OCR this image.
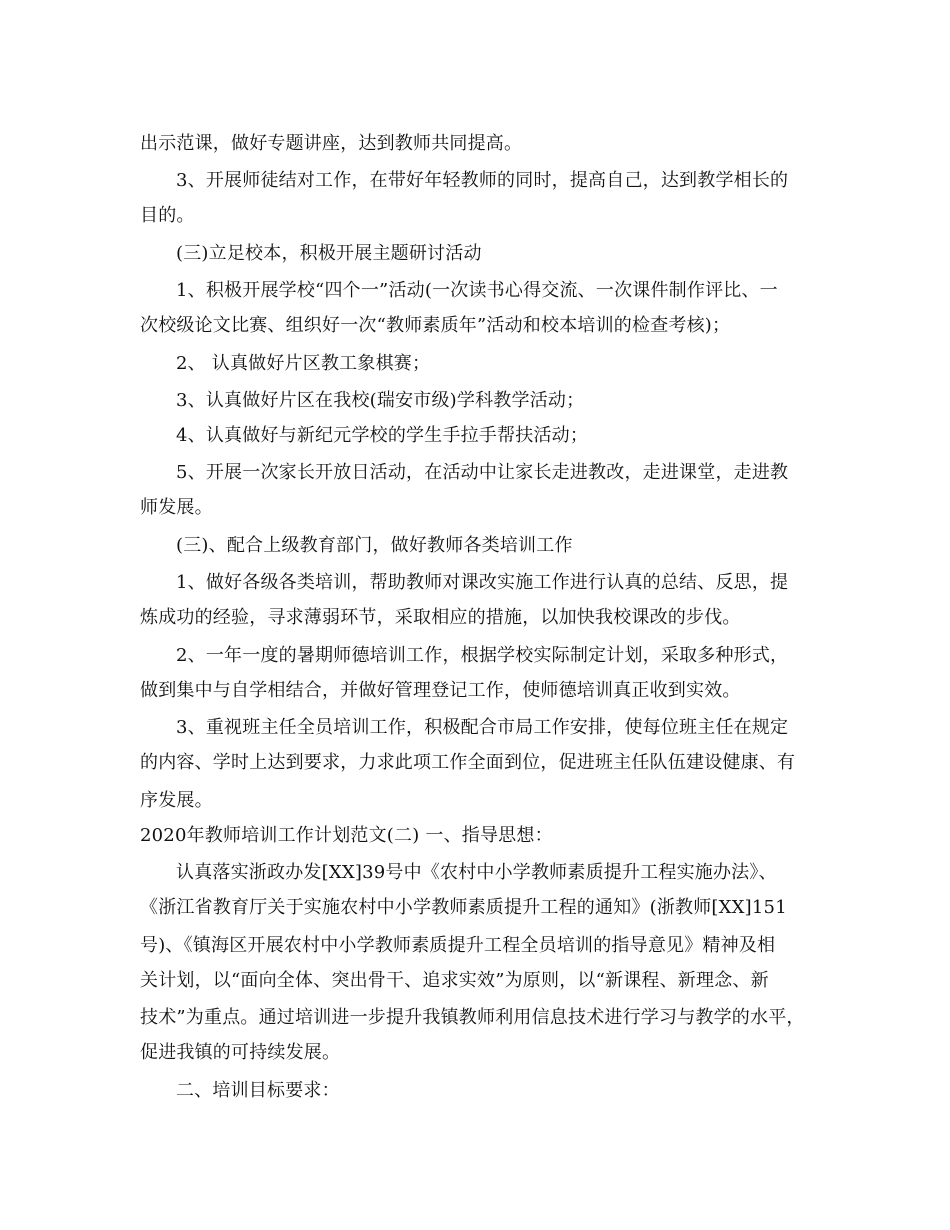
出示范课，做好专题讲座，达到教师共同提高。
3、开展师徒结对工作，在带好年轻教师的同时，提高自己，达到教学相长的
目的。
(三)立足校本，积极开展主题研讨活动
1、积极开展学校“四个一”活动(一次读书心得交流、一次课件制作评比、一
次校级论文比赛、组织好一次“教师素质年”活动和校本培训的检查考核)；
2、 认真做好片区教工象棋赛；
3、认真做好片区在我校(瑞安市级)学科教学活动；
4、认真做好与新纪元学校的学生手拉手帮扶活动；
5、开展一次家长开放日活动，在活动中让家长走进教改，走进课堂，走进教
师发展。
(三)、配合上级教育部门，做好教师各类培训工作
1、做好各级各类培训，帮助教师对课改实施工作进行认真的总结、反思，提
炼成功的经验，寻求薄弱环节，采取相应的措施，以加快我校课改的步伐。
2、一年一度的暑期师德培训工作，根据学校实际制定计划，采取多种形式，
做到集中与自学相结合，并做好管理登记工作，使师德培训真正收到实效。
3、重视班主任全员培训工作，积极配合市局工作安排，使每位班主任在规定
的内容、学时上达到要求，力求此项工作全面到位，促进班主任队伍建设健康、有
序发展。
2020年教师培训工作计划范文(二) 一、指导思想：
认真落实浙政办发[XX]39号中《农村中小学教师素质提升工程实施办法》、
《浙江省教育厅关于实施农村中小学教师素质提升工程的通知》(浙教师[XX]151
号)、《镇海区开展农村中小学教师素质提升工程全员培训的指导意见》精神及相
关计划，以“面向全体、突出骨干、追求实效”为原则，以“新课程、新理念、新
技术”为重点。通过培训进一步提升我镇教师利用信息技术进行学习与教学的水平，
促进我镇的可持续发展。
二、培训目标要求：
